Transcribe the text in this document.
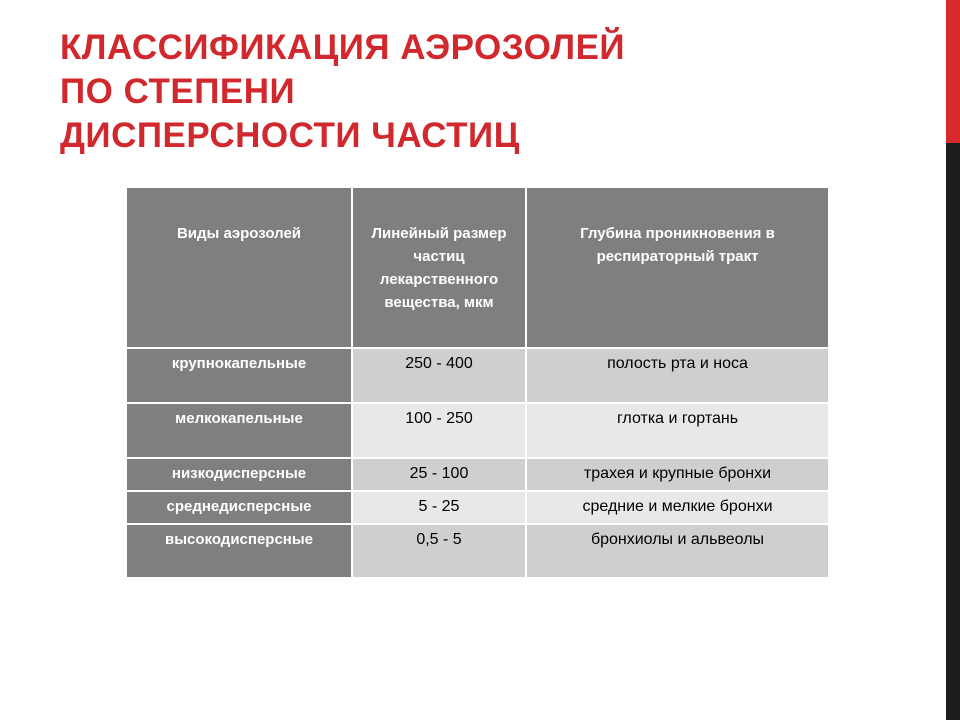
КЛАССИФИКАЦИЯ АЭРОЗОЛЕЙ
ПО СТЕПЕНИ
ДИСПЕРСНОСТИ ЧАСТИЦ
Виды аэрозолей	Линейный размер частиц лекарственного вещества, мкм	Глубина проникновения в респираторный тракт
крупнокапельные	250 - 400	полость рта и носа
мелкокапельные	100 - 250	глотка и гортань
низкодисперсные	25 - 100	трахея и крупные бронхи
среднедисперсные	5 - 25	средние и мелкие бронхи
высокодисперсные	0,5 - 5	бронхиолы и альвеолы
